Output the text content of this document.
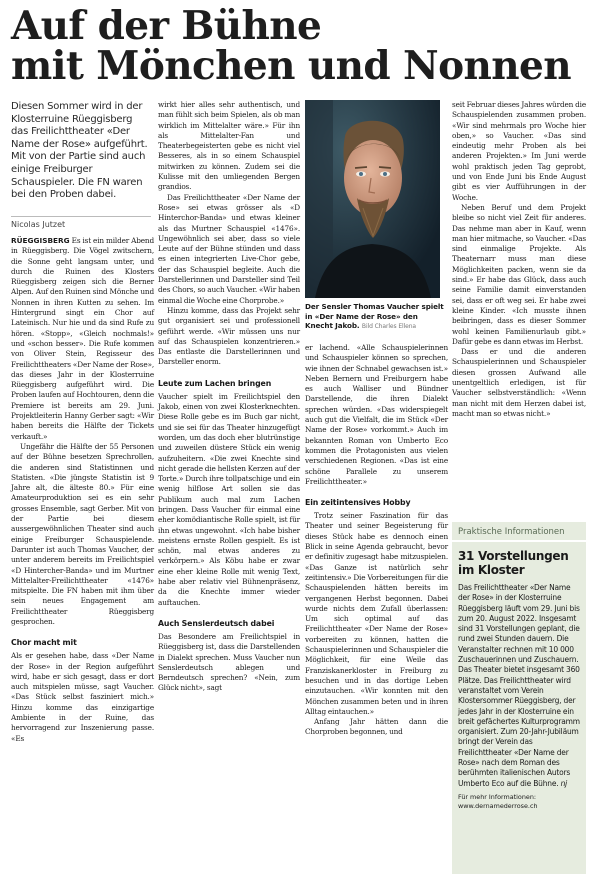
Auf der Bühne
mit Mönchen und Nonnen

Diesen Sommer wird in der Klosterruine Rüeggisberg das Freilichttheater «Der Name der Rose» aufgeführt. Mit von der Partie sind auch einige Freiburger Schauspieler. Die FN waren bei den Proben dabei.

Nicolas Jutzet

RÜEGGISBERG Es ist ein milder Abend in Rüeggisberg. Die Vögel zwitschern, die Sonne geht langsam unter, und durch die Ruinen des Klosters Rüeggisberg zeigen sich die Berner Alpen. Auf den Ruinen sind Mönche und Nonnen in ihren Kutten zu sehen. Im Hintergrund singt ein Chor auf Lateinisch. Nur hie und da sind Rufe zu hören. «Stopp», «Gleich nochmals!» und «schon besser». Die Rufe kommen von Oliver Stein, Regisseur des Freilichttheaters «Der Name der Rose», das dieses Jahr in der Klosterruine Rüeggisberg aufgeführt wird. Die Proben laufen auf Hochtouren, denn die Premiere ist bereits am 29. Juni. Projektleiterin Hanny Gerber sagt: «Wir haben bereits die Hälfte der Tickets verkauft.»

Ungefähr die Hälfte der 55 Personen auf der Bühne besetzen Sprechrollen, die anderen sind Statistinnen und Statisten. «Die jüngste Statistin ist 9 Jahre alt, die älteste 80.» Für eine Amateurproduktion sei es ein sehr grosses Ensemble, sagt Gerber. Mit von der Partie bei diesem aussergewöhnlichen Theater sind auch einige Freiburger Schauspielende. Darunter ist auch Thomas Vaucher, der unter anderem bereits im Freilichtspiel «D Hintercher-Banda» und im Murtner Mittelalter-Freilichttheater «1476» mitspielte. Die FN haben mit ihm über sein neues Engagement am Freilichttheater Rüeggisberg gesprochen.

Chor macht mit

Als er gesehen habe, dass «Der Name der Rose» in der Region aufgeführt wird, habe er sich gesagt, dass er dort auch mitspielen müsse, sagt Vaucher. «Das Stück selbst fasziniert mich.» Hinzu komme das einzigartige Ambiente in der Ruine, das hervorragend zur Inszenierung passe. «Es

wirkt hier alles sehr authentisch, und man fühlt sich beim Spielen, als ob man wirklich im Mittelalter wäre.» Für ihn als Mittelalter-Fan und Theaterbegeisterten gebe es nicht viel Besseres, als in so einem Schauspiel mitwirken zu können. Zudem sei die Kulisse mit den umliegenden Bergen grandios.

Das Freilichttheater «Der Name der Rose» sei etwas grösser als «D Hinterchor-Banda» und etwas kleiner als das Murtner Schauspiel «1476». Ungewöhnlich sei aber, dass so viele Leute auf der Bühne stünden und dass es einen integrierten Live-Chor gebe, der das Schauspiel begleite. Auch die Darstellerinnen und Darsteller sind Teil des Chors, so auch Vaucher. «Wir haben einmal die Woche eine Chorprobe.»

Hinzu komme, dass das Projekt sehr gut organisiert sei und professionell geführt werde. «Wir müssen uns nur auf das Schauspielen konzentrieren.» Das entlaste die Darstellerinnen und Darsteller enorm.

Leute zum Lachen bringen

Vaucher spielt im Freilichtspiel den Jakob, einen von zwei Klosterknechten. Diese Rolle gebe es im Buch gar nicht, und sie sei für das Theater hinzugefügt worden, um das doch eher blutrünstige und zuweilen düstere Stück ein wenig aufzuheitern. «Die zwei Knechte sind nicht gerade die hellsten Kerzen auf der Torte.» Durch ihre tollpatschige und ein wenig hilflose Art sollen sie das Publikum auch mal zum Lachen bringen. Dass Vaucher für einmal eine eher komödiantische Rolle spielt, ist für ihn etwas ungewohnt. «Ich habe bisher meistens ernste Rollen gespielt. Es ist schön, mal etwas anderes zu verkörpern.» Als Köbu habe er zwar eine eher kleine Rolle mit wenig Text, habe aber relativ viel Bühnenpräsenz, da die Knechte immer wieder auftauchen.

Auch Senslerdeutsch dabei

Das Besondere am Freilichtspiel in Rüeggisberg ist, dass die Darstellenden in Dialekt sprechen. Muss Vaucher nun Senslerdeutsch ablegen und Berndeutsch sprechen? «Nein, zum Glück nicht», sagt

Der Sensler Thomas Vaucher spielt in «Der Name der Rose» den Knecht Jakob. Bild Charles Ellena

er lachend. «Alle Schauspielerinnen und Schauspieler können so sprechen, wie ihnen der Schnabel gewachsen ist.» Neben Bernern und Freiburgern habe es auch Walliser und Bündner Darstellende, die ihren Dialekt sprechen würden. «Das widerspiegelt auch gut die Vielfalt, die im Stück «Der Name der Rose» vorkommt.» Auch im bekannten Roman von Umberto Eco kommen die Protagonisten aus vielen verschiedenen Regionen. «Das ist eine schöne Parallele zu unserem Freilichttheater.»

Ein zeitintensives Hobby

Trotz seiner Faszination für das Theater und seiner Begeisterung für dieses Stück habe es dennoch einen Blick in seine Agenda gebraucht, bevor er definitiv zugesagt habe mitzuspielen. «Das Ganze ist natürlich sehr zeitintensiv.» Die Vorbereitungen für die Schauspielenden hätten bereits im vergangenen Herbst begonnen. Dabei wurde nichts dem Zufall überlassen: Um sich optimal auf das Freilichttheater «Der Name der Rose» vorbereiten zu können, hatten die Schauspielerinnen und Schauspieler die Möglichkeit, für eine Weile das Franziskanerkloster in Freiburg zu besuchen und in das dortige Leben einzutauchen. «Wir konnten mit den Mönchen zusammen beten und in ihren Alltag eintauchen.»

Anfang Jahr hätten dann die Chorproben begonnen, und

seit Februar dieses Jahres würden die Schauspielenden zusammen proben. «Wir sind mehrmals pro Woche hier oben,» so Vaucher. «Das sind eindeutig mehr Proben als bei anderen Projekten.» Im Juni werde wohl praktisch jeden Tag geprobt, und von Ende Juni bis Ende August gibt es vier Aufführungen in der Woche.

Neben Beruf und dem Projekt bleibe so nicht viel Zeit für anderes. Das nehme man aber in Kauf, wenn man hier mitmache, so Vaucher. «Das sind einmalige Projekte. Als Theaternarr muss man diese Möglichkeiten packen, wenn sie da sind.» Er habe das Glück, dass auch seine Familie damit einverstanden sei, dass er oft weg sei. Er habe zwei kleine Kinder. «Ich musste ihnen beibringen, dass es dieser Sommer wohl keinen Familienurlaub gibt.» Dafür gebe es dann etwas im Herbst.

Dass er und die anderen Schauspielerinnen und Schauspieler diesen grossen Aufwand alle unentgeltlich erledigen, ist für Vaucher selbstverständlich: «Wenn man nicht mit dem Herzen dabei ist, macht man so etwas nicht.»

Praktische Informationen
31 Vorstellungen im Kloster

Das Freilichttheater «Der Name der Rose» in der Klosterruine Rüeggisberg läuft vom 29. Juni bis zum 20. August 2022. Insgesamt sind 31 Vorstellungen geplant, die rund zwei Stunden dauern. Die Veranstalter rechnen mit 10 000 Zuschauerinnen und Zuschauern. Das Theater bietet insgesamt 360 Plätze. Das Freilichttheater wird veranstaltet vom Verein Klostersommer Rüeggisberg, der jedes Jahr in der Klosterruine ein breit gefächertes Kulturprogramm organisiert. Zum 20-Jahr-Jubiläum bringt der Verein das Freilichttheater «Der Name der Rose» nach dem Roman des berühmten italienischen Autors Umberto Eco auf die Bühne. nj

Für mehr Informationen:
www.dernamederrose.ch
